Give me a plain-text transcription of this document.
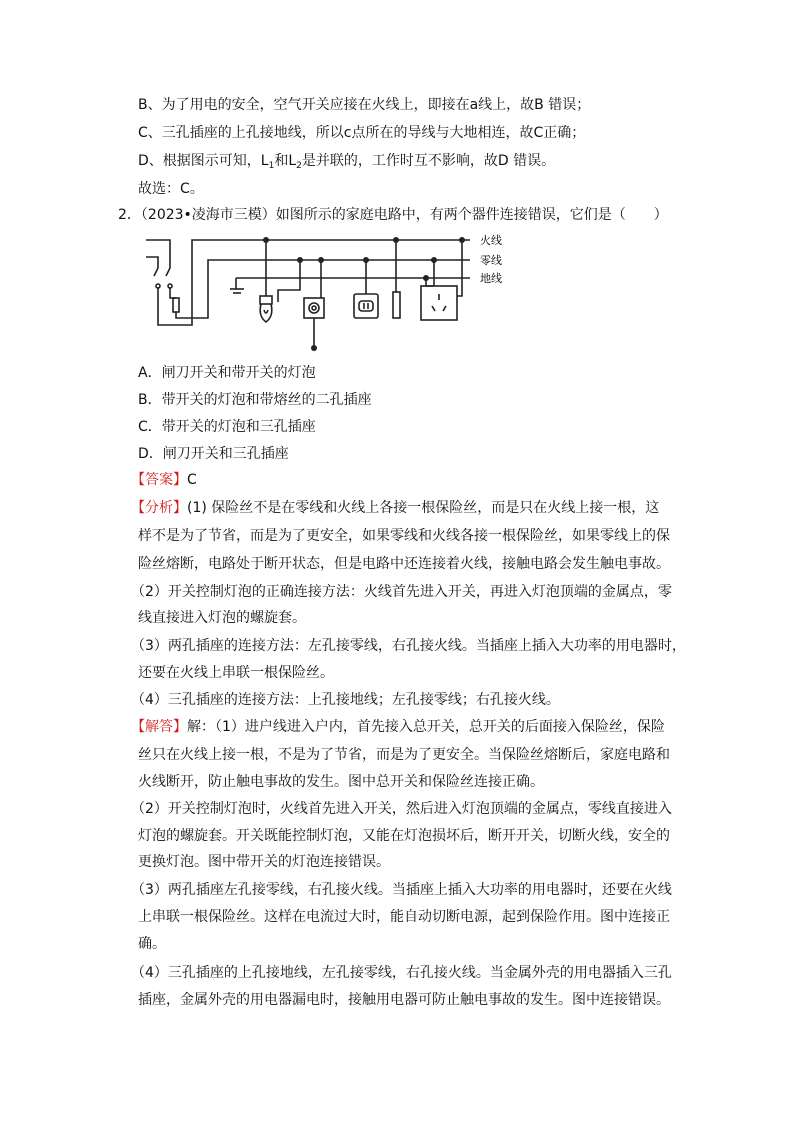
B、为了用电的安全，空气开关应接在火线上，即接在a线上，故B 错误；
C、三孔插座的上孔接地线，所以c点所在的导线与大地相连，故C正确；
D、根据图示可知，$L_1$和$L_2$是并联的，工作时互不影响，故D 错误。
故选：C。
2．（2023•凌海市三模）如图所示的家庭电路中，有两个器件连接错误，它们是（　　）
火线
零线
地线
A．闸刀开关和带开关的灯泡
B．带开关的灯泡和带熔丝的二孔插座
C．带开关的灯泡和三孔插座
D．闸刀开关和三孔插座
【答案】C
【分析】(1) 保险丝不是在零线和火线上各接一根保险丝，而是只在火线上接一根，这
样不是为了节省，而是为了更安全，如果零线和火线各接一根保险丝，如果零线上的保
险丝熔断，电路处于断开状态，但是电路中还连接着火线，接触电路会发生触电事故。
（2）开关控制灯泡的正确连接方法：火线首先进入开关，再进入灯泡顶端的金属点，零
线直接进入灯泡的螺旋套。
（3）两孔插座的连接方法：左孔接零线，右孔接火线。当插座上插入大功率的用电器时，
还要在火线上串联一根保险丝。
（4）三孔插座的连接方法：上孔接地线；左孔接零线；右孔接火线。
【解答】解：（1）进户线进入户内，首先接入总开关，总开关的后面接入保险丝，保险
丝只在火线上接一根，不是为了节省，而是为了更安全。当保险丝熔断后，家庭电路和
火线断开，防止触电事故的发生。图中总开关和保险丝连接正确。
（2）开关控制灯泡时，火线首先进入开关，然后进入灯泡顶端的金属点，零线直接进入
灯泡的螺旋套。开关既能控制灯泡，又能在灯泡损坏后，断开开关，切断火线，安全的
更换灯泡。图中带开关的灯泡连接错误。
（3）两孔插座左孔接零线，右孔接火线。当插座上插入大功率的用电器时，还要在火线
上串联一根保险丝。这样在电流过大时，能自动切断电源，起到保险作用。图中连接正
确。
（4）三孔插座的上孔接地线，左孔接零线，右孔接火线。当金属外壳的用电器插入三孔
插座，金属外壳的用电器漏电时，接触用电器可防止触电事故的发生。图中连接错误。
